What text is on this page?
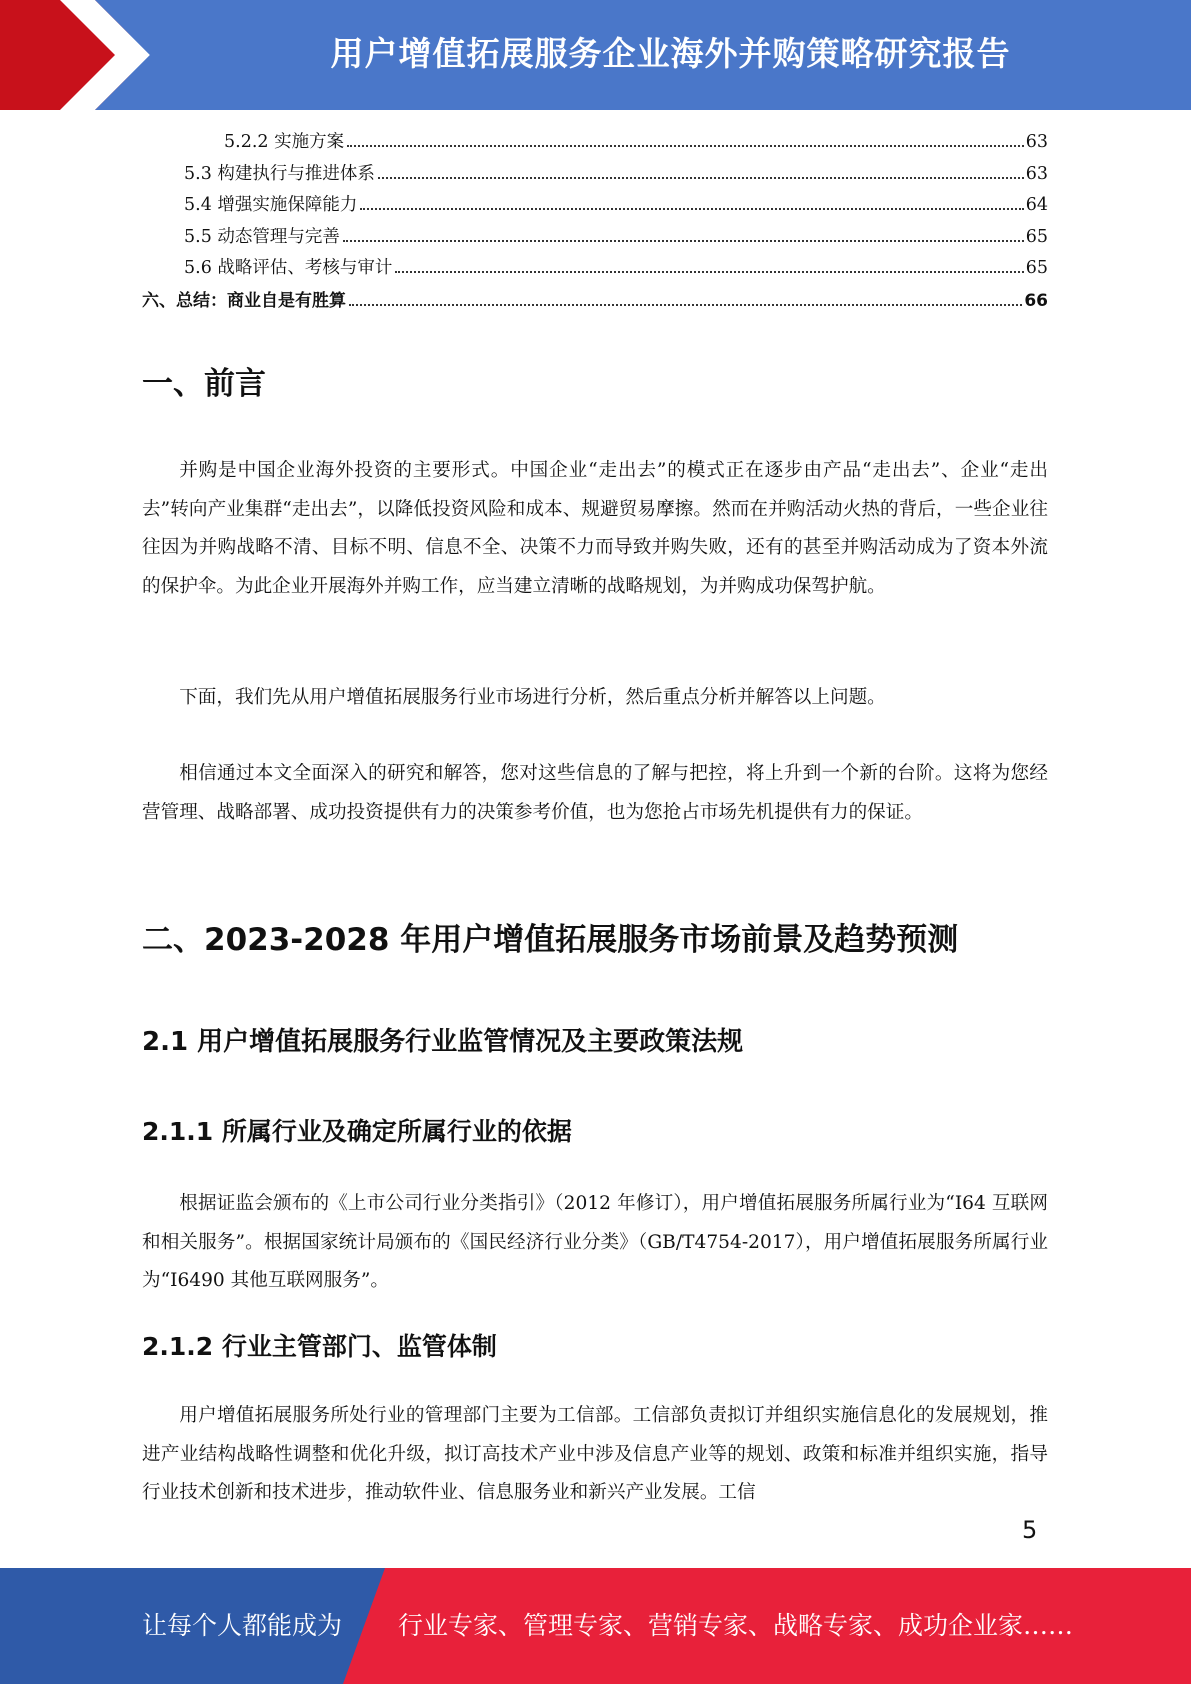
用户增值拓展服务企业海外并购策略研究报告
5.2.2 实施方案	63
5.3 构建执行与推进体系	63
5.4 增强实施保障能力	64
5.5 动态管理与完善	65
5.6 战略评估、考核与审计	65
六、总结：商业自是有胜算	66
一、前言

并购是中国企业海外投资的主要形式。中国企业“走出去”的模式正在逐步由产品“走出去”、企业“走出去”转向产业集群“走出去”，以降低投资风险和成本、规避贸易摩擦。然而在并购活动火热的背后，一些企业往往因为并购战略不清、目标不明、信息不全、决策不力而导致并购失败，还有的甚至并购活动成为了资本外流的保护伞。为此企业开展海外并购工作，应当建立清晰的战略规划，为并购成功保驾护航。

下面，我们先从用户增值拓展服务行业市场进行分析，然后重点分析并解答以上问题。

相信通过本文全面深入的研究和解答，您对这些信息的了解与把控，将上升到一个新的台阶。这将为您经营管理、战略部署、成功投资提供有力的决策参考价值，也为您抢占市场先机提供有力的保证。

二、2023-2028 年用户增值拓展服务市场前景及趋势预测
2.1 用户增值拓展服务行业监管情况及主要政策法规
2.1.1 所属行业及确定所属行业的依据

根据证监会颁布的《上市公司行业分类指引》（2012 年修订），用户增值拓展服务所属行业为“I64 互联网和相关服务”。根据国家统计局颁布的《国民经济行业分类》（GB/T4754-2017），用户增值拓展服务所属行业为“I6490 其他互联网服务”。

2.1.2 行业主管部门、监管体制

用户增值拓展服务所处行业的管理部门主要为工信部。工信部负责拟订并组织实施信息化的发展规划，推进产业结构战略性调整和优化升级，拟订高技术产业中涉及信息产业等的规划、政策和标准并组织实施，指导行业技术创新和技术进步，推动软件业、信息服务业和新兴产业发展。工信

5
让每个人都能成为 行业专家、管理专家、营销专家、战略专家、成功企业家……
